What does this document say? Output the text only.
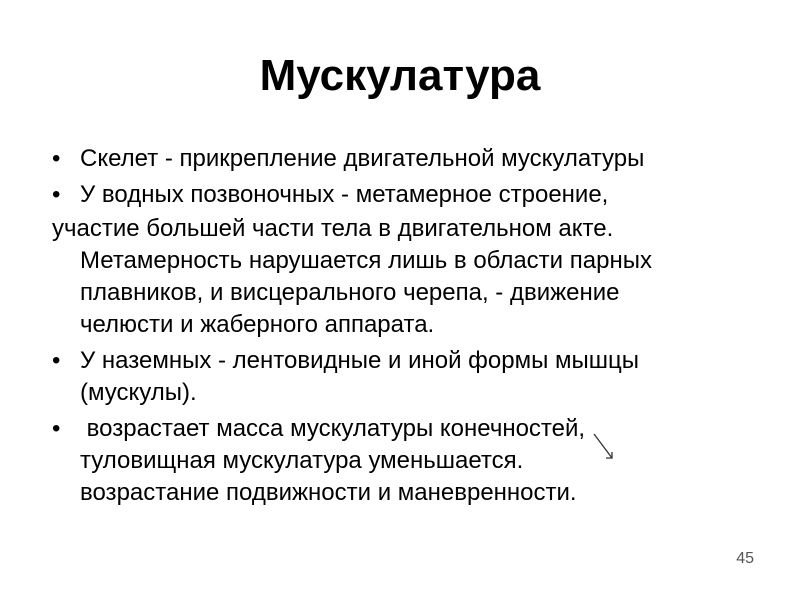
Мускулатура
• Скелет - прикрепление двигательной мускулатуры
• У водных позвоночных - метамерное строение,
участие большей части тела в двигательном акте.
Метамерность нарушается лишь в области парных
плавников, и висцерального черепа, - движение
челюсти и жаберного аппарата.
• У наземных - лентовидные и иной формы мышцы
(мускулы).
• возрастает масса мускулатуры конечностей,
туловищная мускулатура уменьшается.
возрастание подвижности и маневренности.
45
